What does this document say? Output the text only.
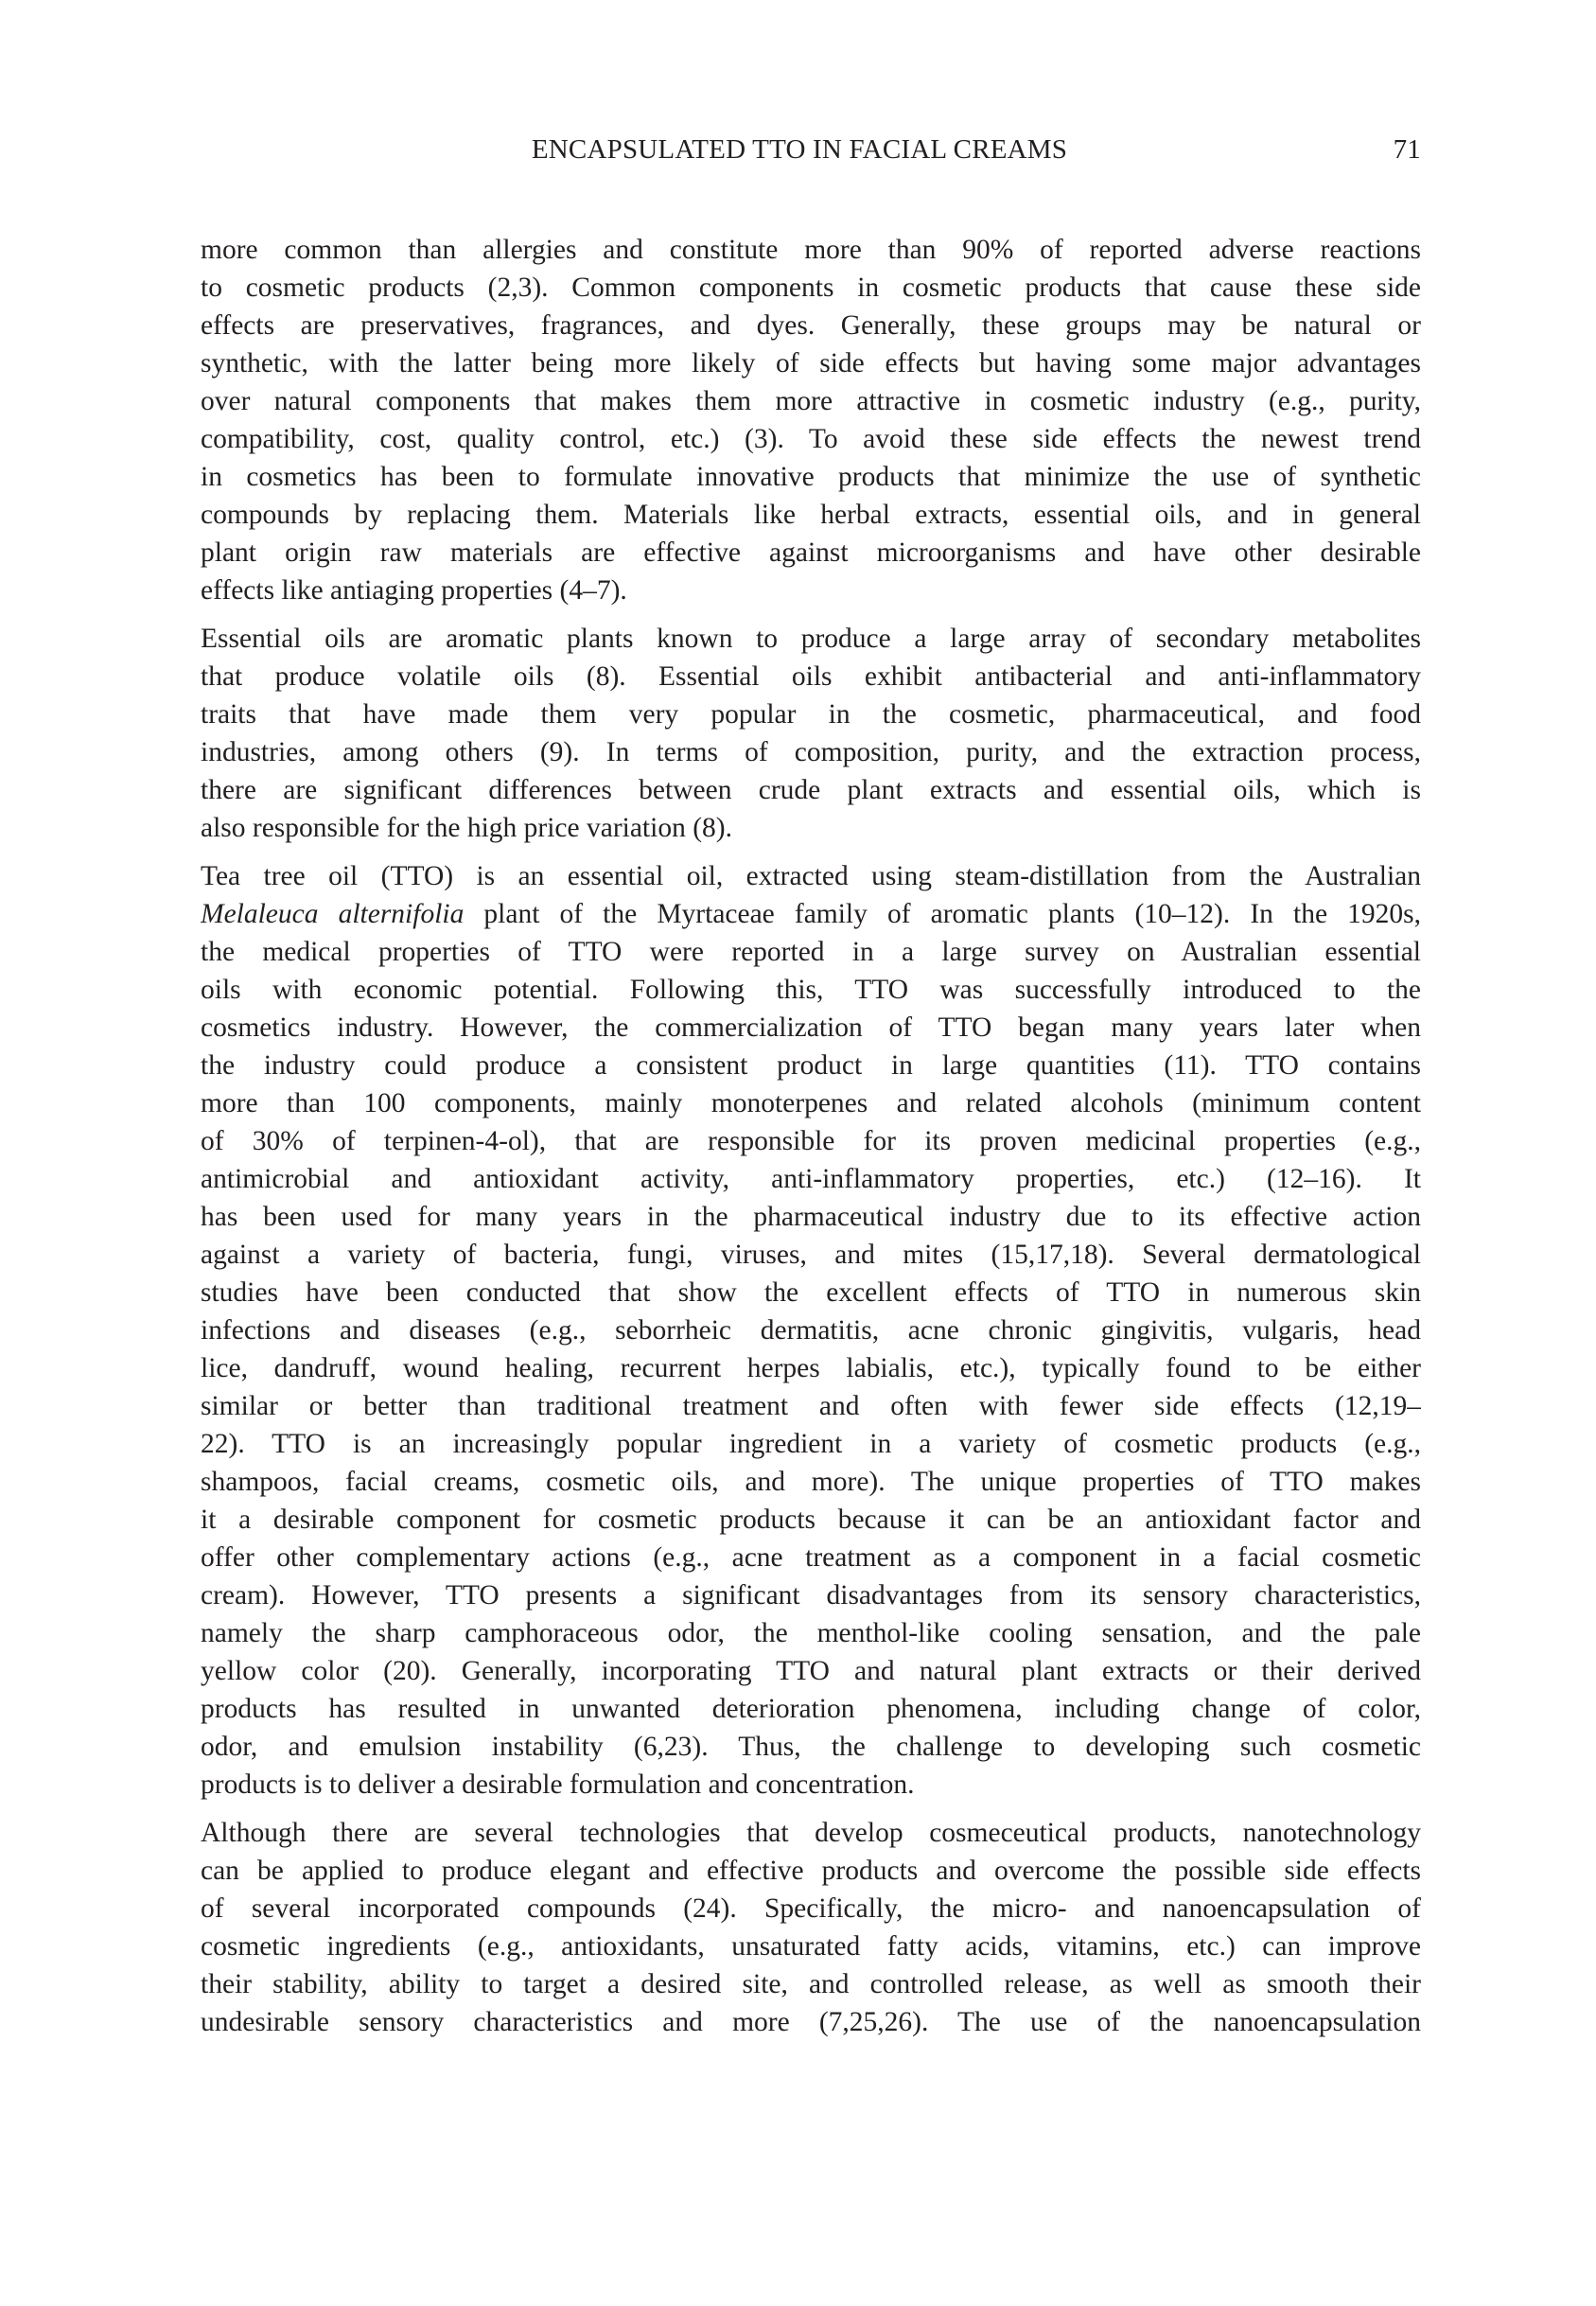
ENCAPSULATED TTO IN FACIAL CREAMS	71

more common than allergies and constitute more than 90% of reported adverse reactions
to cosmetic products (2,3). Common components in cosmetic products that cause these side
effects are preservatives, fragrances, and dyes. Generally, these groups may be natural or
synthetic, with the latter being more likely of side effects but having some major advantages
over natural components that makes them more attractive in cosmetic industry (e.g., purity,
compatibility, cost, quality control, etc.) (3). To avoid these side effects the newest trend
in cosmetics has been to formulate innovative products that minimize the use of synthetic
compounds by replacing them. Materials like herbal extracts, essential oils, and in general
plant origin raw materials are effective against microorganisms and have other desirable
effects like antiaging properties (4–7).

Essential oils are aromatic plants known to produce a large array of secondary metabolites
that produce volatile oils (8). Essential oils exhibit antibacterial and anti-inflammatory
traits that have made them very popular in the cosmetic, pharmaceutical, and food
industries, among others (9). In terms of composition, purity, and the extraction process,
there are significant differences between crude plant extracts and essential oils, which is
also responsible for the high price variation (8).

Tea tree oil (TTO) is an essential oil, extracted using steam-distillation from the Australian
Melaleuca alternifolia plant of the Myrtaceae family of aromatic plants (10–12). In the 1920s,
the medical properties of TTO were reported in a large survey on Australian essential
oils with economic potential. Following this, TTO was successfully introduced to the
cosmetics industry. However, the commercialization of TTO began many years later when
the industry could produce a consistent product in large quantities (11). TTO contains
more than 100 components, mainly monoterpenes and related alcohols (minimum content
of 30% of terpinen-4-ol), that are responsible for its proven medicinal properties (e.g.,
antimicrobial and antioxidant activity, anti-inflammatory properties, etc.) (12–16). It
has been used for many years in the pharmaceutical industry due to its effective action
against a variety of bacteria, fungi, viruses, and mites (15,17,18). Several dermatological
studies have been conducted that show the excellent effects of TTO in numerous skin
infections and diseases (e.g., seborrheic dermatitis, acne chronic gingivitis, vulgaris, head
lice, dandruff, wound healing, recurrent herpes labialis, etc.), typically found to be either
similar or better than traditional treatment and often with fewer side effects (12,19–
22). TTO is an increasingly popular ingredient in a variety of cosmetic products (e.g.,
shampoos, facial creams, cosmetic oils, and more). The unique properties of TTO makes
it a desirable component for cosmetic products because it can be an antioxidant factor and
offer other complementary actions (e.g., acne treatment as a component in a facial cosmetic
cream). However, TTO presents a significant disadvantages from its sensory characteristics,
namely the sharp camphoraceous odor, the menthol-like cooling sensation, and the pale
yellow color (20). Generally, incorporating TTO and natural plant extracts or their derived
products has resulted in unwanted deterioration phenomena, including change of color,
odor, and emulsion instability (6,23). Thus, the challenge to developing such cosmetic
products is to deliver a desirable formulation and concentration.

Although there are several technologies that develop cosmeceutical products, nanotechnology
can be applied to produce elegant and effective products and overcome the possible side effects
of several incorporated compounds (24). Specifically, the micro- and nanoencapsulation of
cosmetic ingredients (e.g., antioxidants, unsaturated fatty acids, vitamins, etc.) can improve
their stability, ability to target a desired site, and controlled release, as well as smooth their
undesirable sensory characteristics and more (7,25,26). The use of the nanoencapsulation
